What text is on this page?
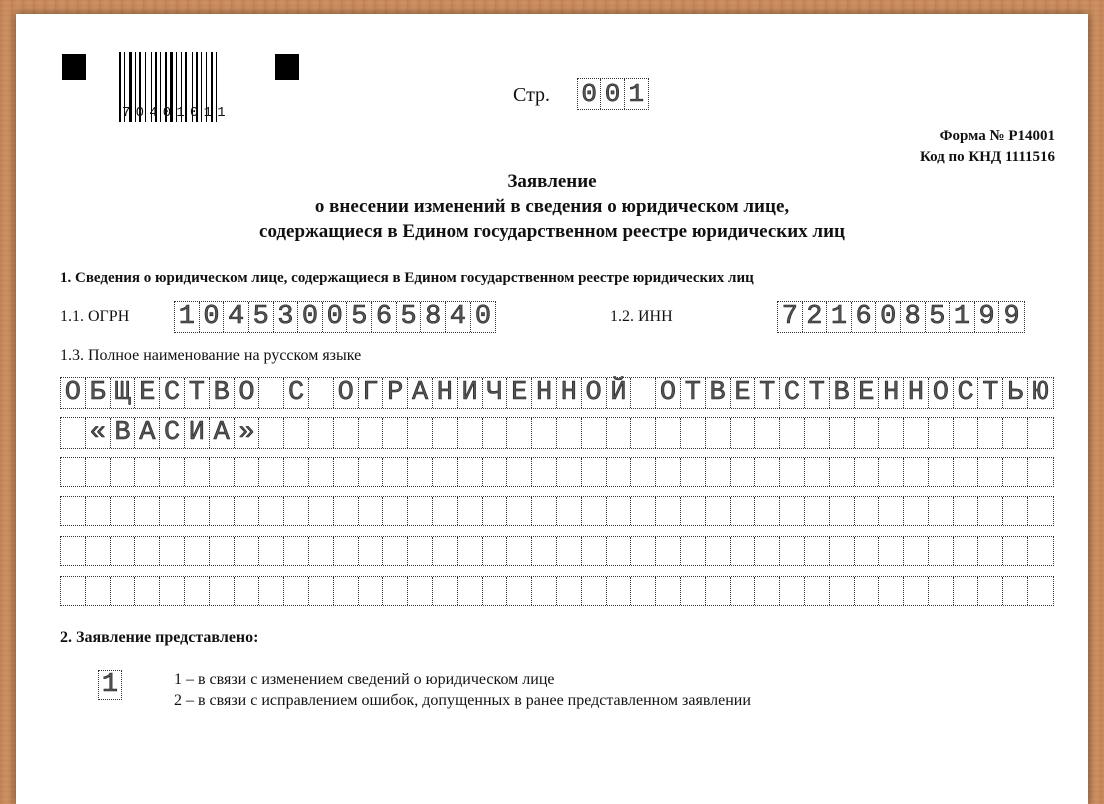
70401011
Стр. 0 0 1
Форма № Р14001
Код по КНД 1111516
Заявление
о внесении изменений в сведения о юридическом лице,
содержащиеся в Едином государственном реестре юридических лиц
1. Сведения о юридическом лице, содержащиеся в Едином государственном реестре юридических лиц
1.1. ОГРН 1 0 4 5 3 0 0 5 6 5 8 4 0	1.2. ИНН	7 2 1 6 0 8 5 1 9 9
1.3. Полное наименование на русском языке
О Б Щ Е С Т В О С О Г Р А Н И Ч Е Н Н О Й О Т В Е Т С Т В Е Н Н О С Т Ь Ю
« В А С И А »
2. Заявление представлено:
1	1 – в связи с изменением сведений о юридическом лице
2 – в связи с исправлением ошибок, допущенных в ранее представленном заявлении
